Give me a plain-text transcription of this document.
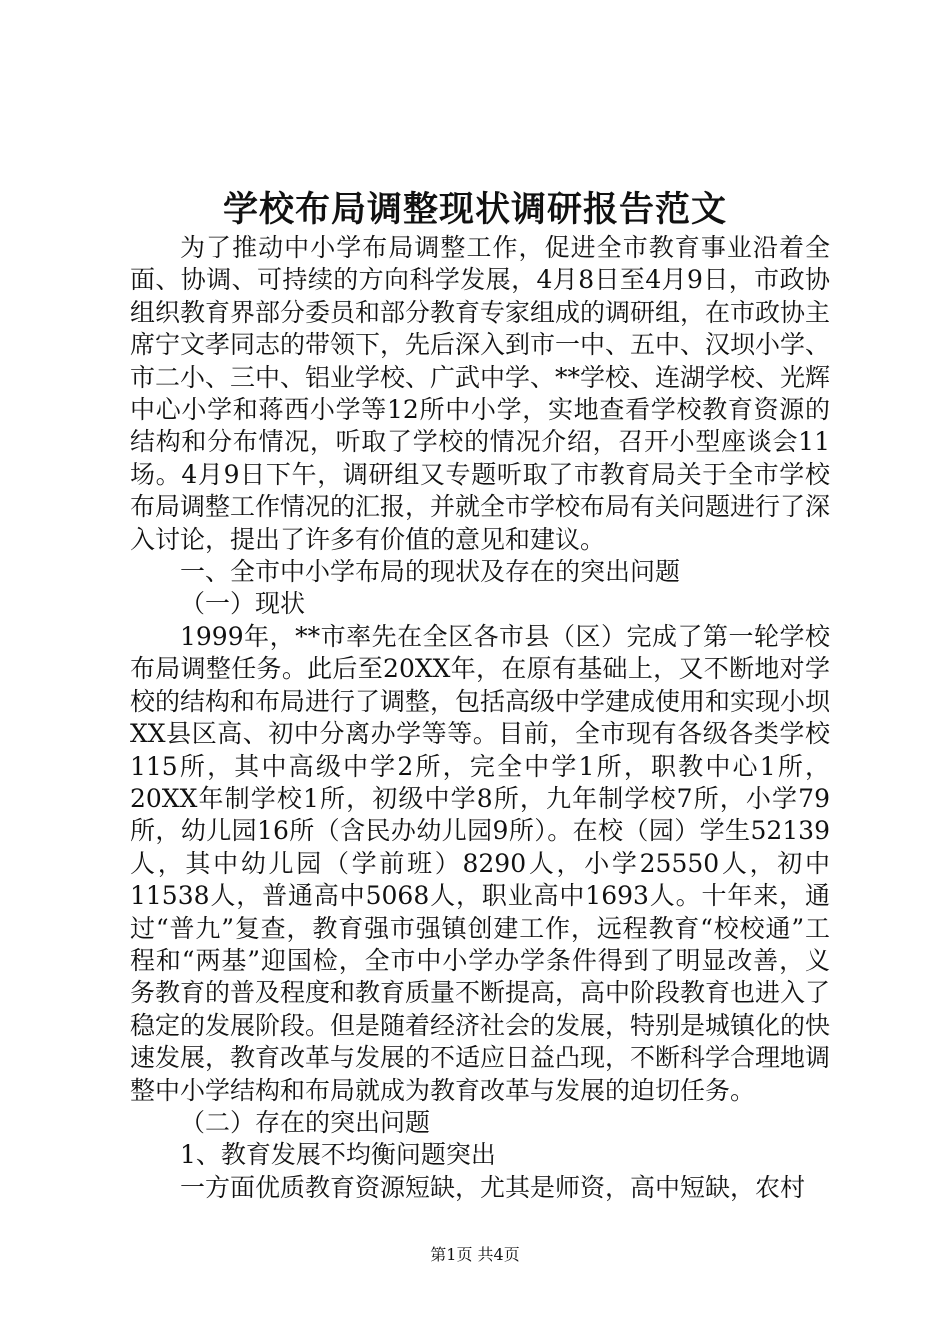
学校布局调整现状调研报告范文

为了推动中小学布局调整工作，促进全市教育事业沿着全面、协调、可持续的方向科学发展，4月8日至4月9日，市政协组织教育界部分委员和部分教育专家组成的调研组，在市政协主席宁文孝同志的带领下，先后深入到市一中、五中、汉坝小学、市二小、三中、铝业学校、广武中学、**学校、连湖学校、光辉中心小学和蒋西小学等12所中小学，实地查看学校教育资源的结构和分布情况，听取了学校的情况介绍，召开小型座谈会11场。4月9日下午，调研组又专题听取了市教育局关于全市学校布局调整工作情况的汇报，并就全市学校布局有关问题进行了深入讨论，提出了许多有价值的意见和建议。

一、全市中小学布局的现状及存在的突出问题

（一）现状

1999年，**市率先在全区各市县（区）完成了第一轮学校布局调整任务。此后至20XX年，在原有基础上，又不断地对学校的结构和布局进行了调整，包括高级中学建成使用和实现小坝XX县区高、初中分离办学等等。目前，全市现有各级各类学校115所，其中高级中学2所，完全中学1所，职教中心1所，20XX年制学校1所，初级中学8所，九年制学校7所，小学79所，幼儿园16所（含民办幼儿园9所）。在校（园）学生52139人，其中幼儿园（学前班）8290人，小学25550人，初中11538人，普通高中5068人，职业高中1693人。十年来，通过“普九”复查，教育强市强镇创建工作，远程教育“校校通”工程和“两基”迎国检，全市中小学办学条件得到了明显改善，义务教育的普及程度和教育质量不断提高，高中阶段教育也进入了稳定的发展阶段。但是随着经济社会的发展，特别是城镇化的快速发展，教育改革与发展的不适应日益凸现，不断科学合理地调整中小学结构和布局就成为教育改革与发展的迫切任务。

（二）存在的突出问题

1、教育发展不均衡问题突出

一方面优质教育资源短缺，尤其是师资，高中短缺，农村

第1页 共4页
